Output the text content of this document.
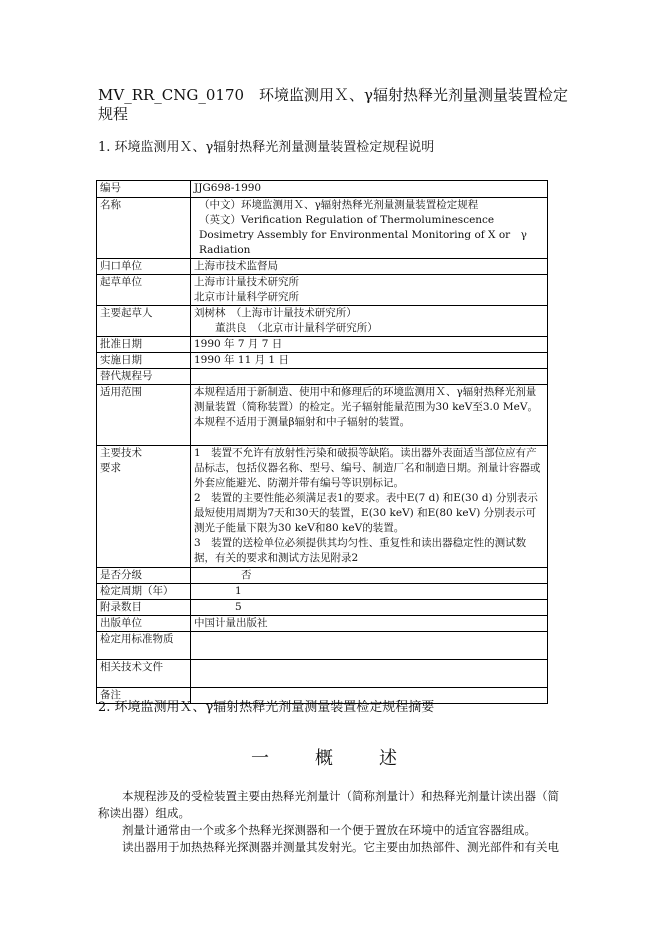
MV_RR_CNG_0170　环境监测用Ｘ、γ辐射热释光剂量测量装置检定规程
1. 环境监测用Ｘ、γ辐射热释光剂量测量装置检定规程说明
编号	JJG698-1990
名称	（中文）环境监测用Ｘ、γ辐射热释光剂量测量装置检定规程
（英文）Verification Regulation of Thermoluminescence Dosimetry Assembly for Environmental Monitoring of X or　γ　Radiation
归口单位	上海市技术监督局
起草单位	上海市计量技术研究所
北京市计量科学研究所
主要起草人	刘树林　（上海市计量技术研究所）
　　董洪良　（北京市计量科学研究所）
批准日期	1990 年 7 月 7 日
实施日期	1990 年 11 月 1 日
替代规程号	
适用范围	本规程适用于新制造、使用中和修理后的环境监测用Ｘ、γ辐射热释光剂量测量装置（简称装置）的检定。光子辐射能量范围为30 keV至3.0 MeV。
本规程不适用于测量β辐射和中子辐射的装置。
主要技术
要求	1　装置不允许有放射性污染和破损等缺陷。读出器外表面适当部位应有产品标志，包括仪器名称、型号、编号、制造厂名和制造日期。剂量计容器或外套应能避光、防潮并带有编号等识别标记。
2　装置的主要性能必须满足表1的要求。表中E(7 d) 和E(30 d) 分别表示最短使用周期为7天和30天的装置，E(30 keV) 和E(80 keV) 分别表示可测光子能量下限为30 keV和80 keV的装置。
3　装置的送检单位必须提供其均匀性、重复性和读出器稳定性的测试数据，有关的要求和测试方法见附录2
是否分级	否
检定周期（年）	1
附录数目	5
出版单位	中国计量出版社
检定用标准物质	
相关技术文件	
备注	
2. 环境监测用Ｘ、γ辐射热释光剂量测量装置检定规程摘要
一　概　述
本规程涉及的受检装置主要由热释光剂量计（简称剂量计）和热释光剂量计读出器（简称读出器）组成。
剂量计通常由一个或多个热释光探测器和一个便于置放在环境中的适宜容器组成。
读出器用于加热热释光探测器并测量其发射光。它主要由加热部件、测光部件和有关电
